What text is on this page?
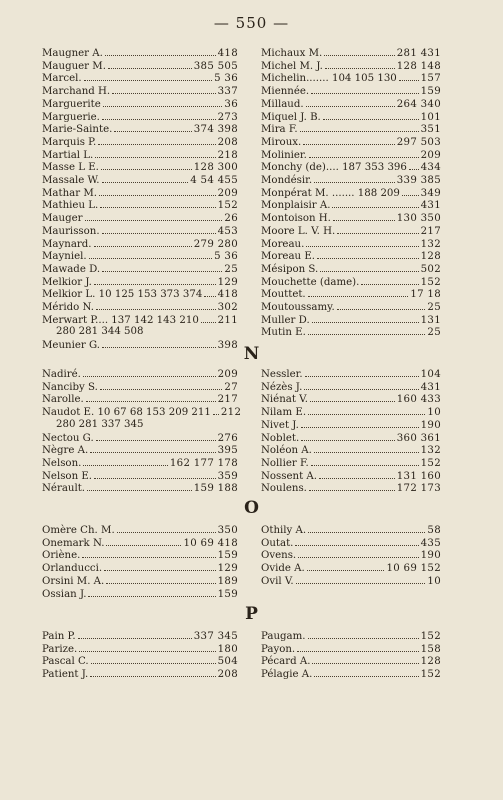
— 550 —
Maugner A.	418
Mauguer M.	385 505
Marcel.	5 36
Marchand H.	337
Marguerite	36
Marguerie.	273
Marie-Sainte.	374 398
Marquis P.	208
Martial L.	218
Masse L E.	128 300
Massale W.	4 54 455
Mathar M.	209
Mathieu L.	152
Mauger	26
Maurisson.	453
Maynard.	279 280
Mayniel.	5 36
Mawade D.	25
Melkior J.	129
Melkior L. 10 125 153 373 374 418
Mérido N.	302
Merwart P.... 137 142 143 210 211
280 281 344 508
Meunier G.	398
Michaux M.	281 431
Michel M. J.	128 148
Michelin....... 104 105 130 157
Miennée.	159
Millaud.	264 340
Miquel J. B.	101
Mira F.	351
Miroux.	297 503
Molinier.	209
Monchy (de).... 187 353 396 434
Mondésir.	339 385
Monpérat M. ....... 188 209 349
Monplaisir A.	431
Montoison H.	130 350
Moore L. V. H.	217
Moreau.	132
Moreau E.	128
Mésipon S.	502
Mouchette (dame).	152
Mouttet.	17 18
Moutoussamy.	25
Muller D.	131
Mutin E.	25
N
Nadiré.	209
Nanciby S.	27
Narolle.	217
Naudot E. 10 67 68 153 209 211 212
280 281 337 345
Nectou G.	276
Nègre A.	395
Nelson.	162 177 178
Nelson E.	359
Nérault.	159 188
Nessler.	104
Nézès J.	431
Niénat V.	160 433
Nilam E.	10
Nivet J.	190
Noblet.	360 361
Noléon A.	132
Nollier F.	152
Nossent A.	131 160
Noulens.	172 173
O
Omère Ch. M.	350
Onemark N.	10 69 418
Oriène.	159
Orlanducci.	129
Orsini M. A.	189
Ossian J.	159
Othily A.	58
Outat.	435
Ovens.	190
Ovide A.	10 69 152
Ovil V.	10
P
Pain P.	337 345
Parize.	180
Pascal C.	504
Patient J.	208
Paugam.	152
Payon.	158
Pécard A.	128
Pélagie A.	152
